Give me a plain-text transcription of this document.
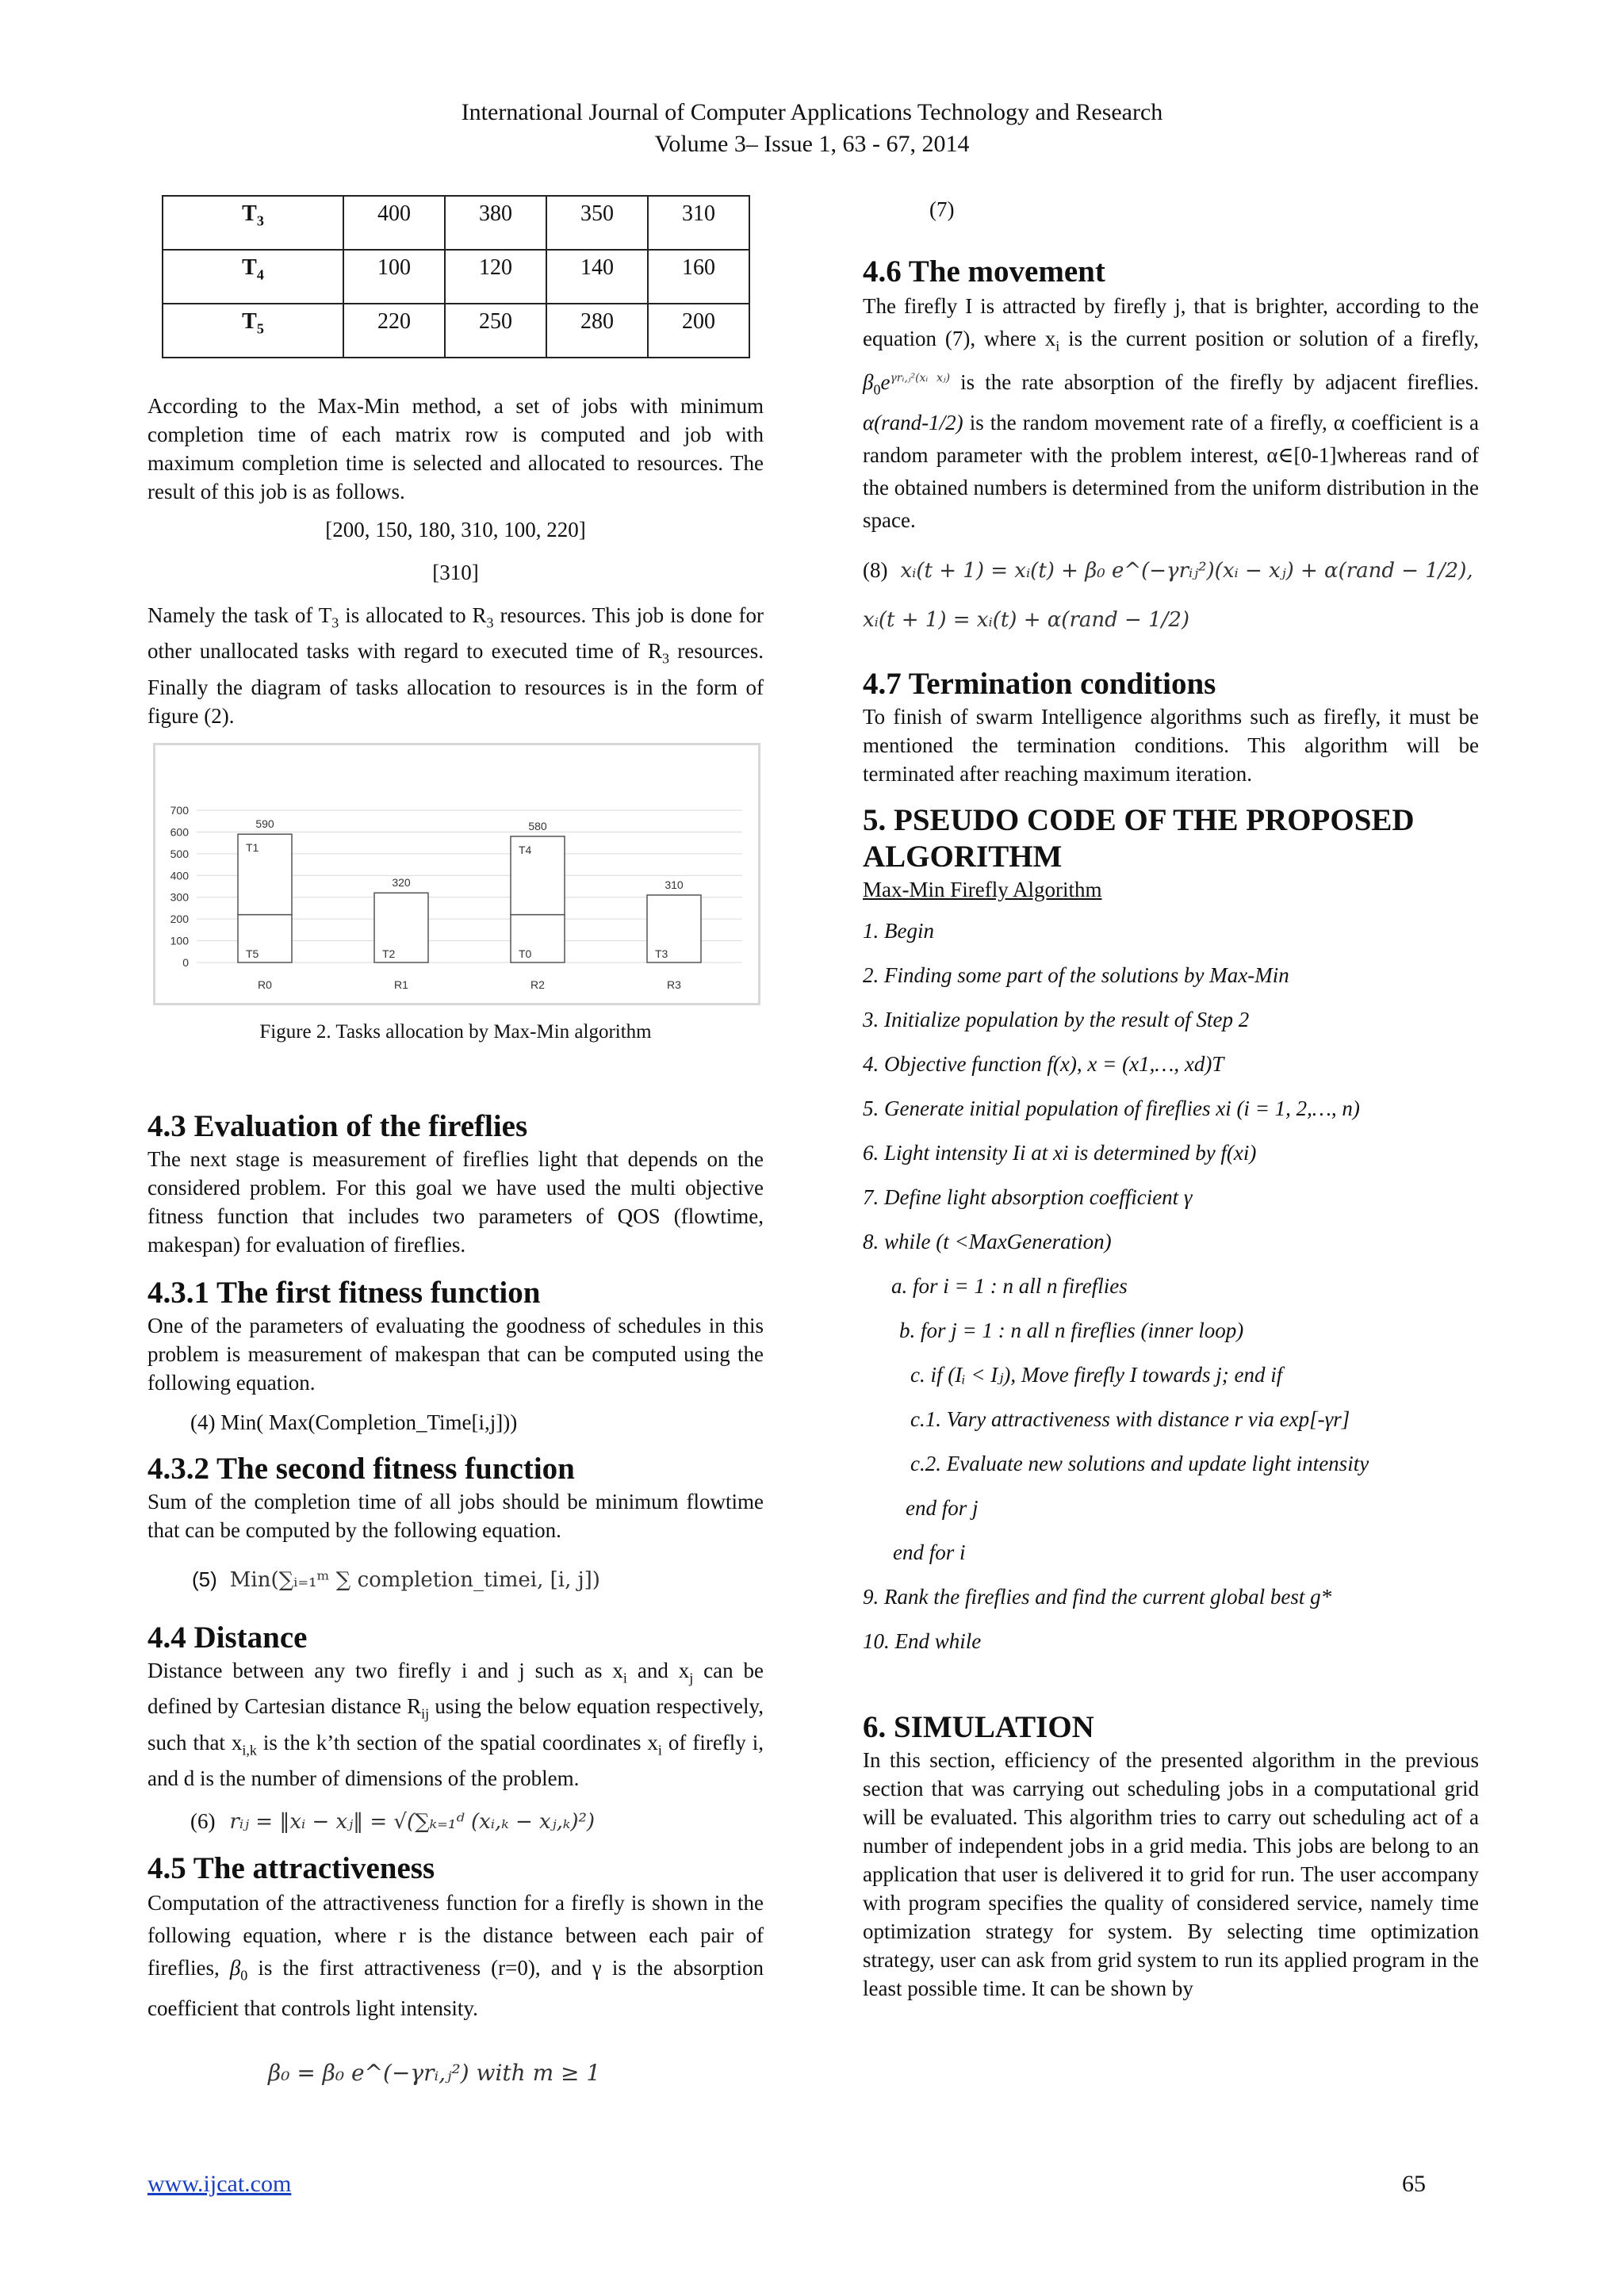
International Journal of Computer Applications Technology and Research
Volume 3– Issue 1, 63 - 67, 2014
$T_3$	400	380	350	310
$T_4$	100	120	140	160
$T_5$	220	250	280	200

According to the Max-Min method, a set of jobs with minimum completion time of each matrix row is computed and job with maximum completion time is selected and allocated to resources. The result of this job is as follows.

[200, 150, 180, 310, 100, 220]
[310]

Namely the task of $T_3$ is allocated to $R_3$ resources. This job is done for other unallocated tasks with regard to executed time of $R_3$ resources. Finally the diagram of tasks allocation to resources is in the form of figure (2).

700
600
500
400
300
200
100
0
R0	R1	R2	R3
T5
T1
T2	T0
T4
T3
590
320
580
310
Figure 2. Tasks allocation by Max-Min algorithm
4.3 Evaluation of the fireflies

The next stage is measurement of fireflies light that depends on the considered problem. For this goal we have used the multi objective fitness function that includes two parameters of QOS (flowtime, makespan) for evaluation of fireflies.

4.3.1 The first fitness function

One of the parameters of evaluating the goodness of schedules in this problem is measurement of makespan that can be computed using the following equation.

(4) Min( Max(Completion_Time[i,j]))
4.3.2 The second fitness function

Sum of the completion time of all jobs should be minimum flowtime that can be computed by the following equation.

(5) Min(∑ᵢ₌₁ᵐ ∑ completion_timei, [i, j])
4.4 Distance

Distance between any two firefly i and j such as $x_i$ and $x_j$ can be defined by Cartesian distance $R_{ij}$ using the below equation respectively, such that $x_{i,k}$ is the k’th section of the spatial coordinates $x_i$ of firefly i, and d is the number of dimensions of the problem.

(6) rᵢⱼ = ‖xᵢ − xⱼ‖ = √(∑ₖ₌₁ᵈ (xᵢ,ₖ − xⱼ,ₖ)²)
4.5 The attractiveness

Computation of the attractiveness function for a firefly is shown in the following equation, where r is the distance between each pair of fireflies, $\beta_0$ is the first attractiveness (r=0), and γ is the absorption coefficient that controls light intensity.

β₀ = β₀ e^(−γrᵢ,ⱼ²) with m ≥ 1
(7)
4.6 The movement

The firefly I is attracted by firefly j, that is brighter, according to the equation (7), where $x_i$ is the current position or solution of a firefly, $\beta_0e^{\gamma rᵢ,ⱼ^2(xᵢ xⱼ)}$ is the rate absorption of the firefly by adjacent fireflies. α(rand-1/2) is the random movement rate of a firefly, α coefficient is a random parameter with the problem interest, α∈[0-1]whereas rand of the obtained numbers is determined from the uniform distribution in the space.

(8) xᵢ(t + 1) = xᵢ(t) + β₀ e^(−γrᵢⱼ²)(xᵢ − xⱼ) + α(rand − 1/2),
xᵢ(t + 1) = xᵢ(t) + α(rand − 1/2)
4.7 Termination conditions

To finish of swarm Intelligence algorithms such as firefly, it must be mentioned the termination conditions. This algorithm will be terminated after reaching maximum iteration.

5. PSEUDO CODE OF THE PROPOSED
ALGORITHM
Max-Min Firefly Algorithm
1. Begin
2. Finding some part of the solutions by Max-Min
3. Initialize population by the result of Step 2
4. Objective function f(x), x = (x1,…, xd)T
5. Generate initial population of fireflies xi (i = 1, 2,…, n)
6. Light intensity Ii at xi is determined by f(xi)
7. Define light absorption coefficient γ
8. while (t <MaxGeneration)
a. for i = 1 : n all n fireflies
b. for j = 1 : n all n fireflies (inner loop)
c. if (Iᵢ < Iⱼ), Move firefly I towards j; end if
c.1. Vary attractiveness with distance r via exp[-γr]
c.2. Evaluate new solutions and update light intensity
end for j
end for i
9. Rank the fireflies and find the current global best g*
10. End while
6. SIMULATION

In this section, efficiency of the presented algorithm in the previous section that was carrying out scheduling jobs in a computational grid will be evaluated. This algorithm tries to carry out scheduling act of a number of independent jobs in a grid media. This jobs are belong to an application that user is delivered it to grid for run. The user accompany with program specifies the quality of considered service, namely time optimization strategy for system. By selecting time optimization strategy, user can ask from grid system to run its applied program in the least possible time. It can be shown by

www.ijcat.com	65
